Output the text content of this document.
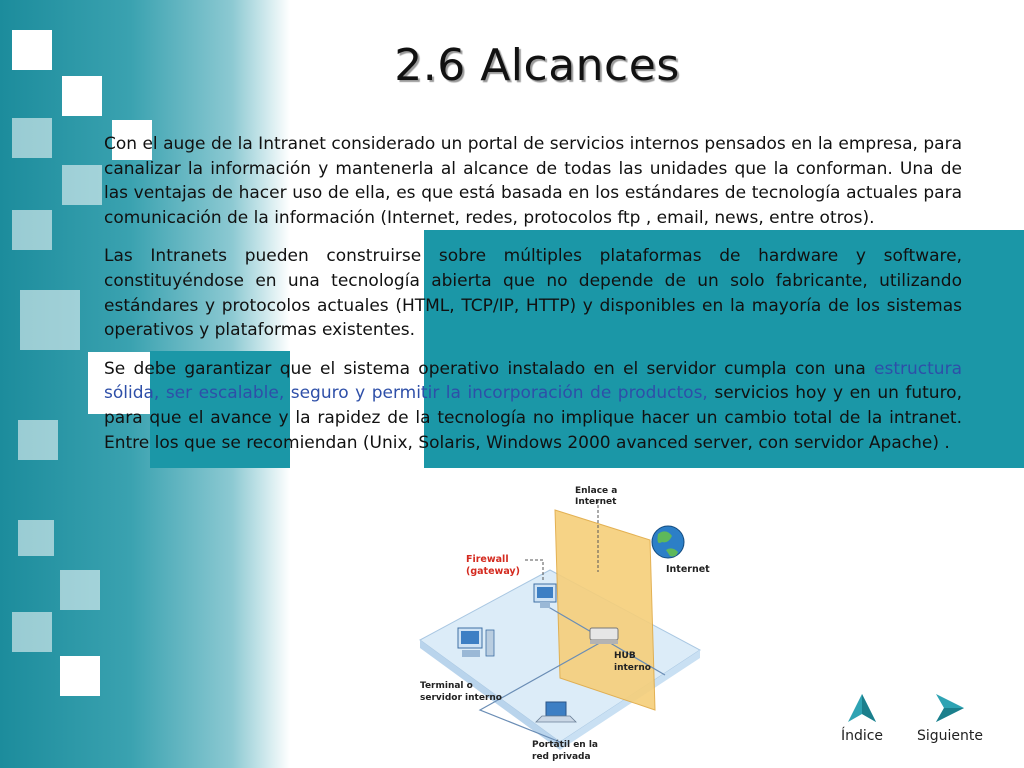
2.6 Alcances

Con el auge de la Intranet considerado un portal de servicios internos pensados en la empresa, para canalizar la información y mantenerla al alcance de todas las unidades que la conforman. Una de las ventajas de hacer uso de ella, es que está basada en los estándares de tecnología actuales para comunicación de la información (Internet, redes, protocolos ftp , email, news, entre otros).

Las Intranets pueden construirse sobre múltiples plataformas de hardware y software, constituyéndose en una tecnología abierta que no depende de un solo fabricante, utilizando estándares y protocolos actuales (HTML, TCP/IP, HTTP) y disponibles en la mayoría de los sistemas operativos y plataformas existentes.

Se debe garantizar que el sistema operativo instalado en el servidor cumpla con una estructura sólida, ser escalable, seguro y permitir la incorporación de productos, servicios hoy y en un futuro, para que el avance y la rapidez de la tecnología no implique hacer un cambio total de la intranet. Entre los que se recomiendan (Unix, Solaris, Windows 2000 avanced server, con servidor Apache) .

Firewall
(gateway)
Enlace a
Internet
Internet
HUB
interno
Terminal o
servidor interno
Portátil en la
red privada
Índice	Siguiente
